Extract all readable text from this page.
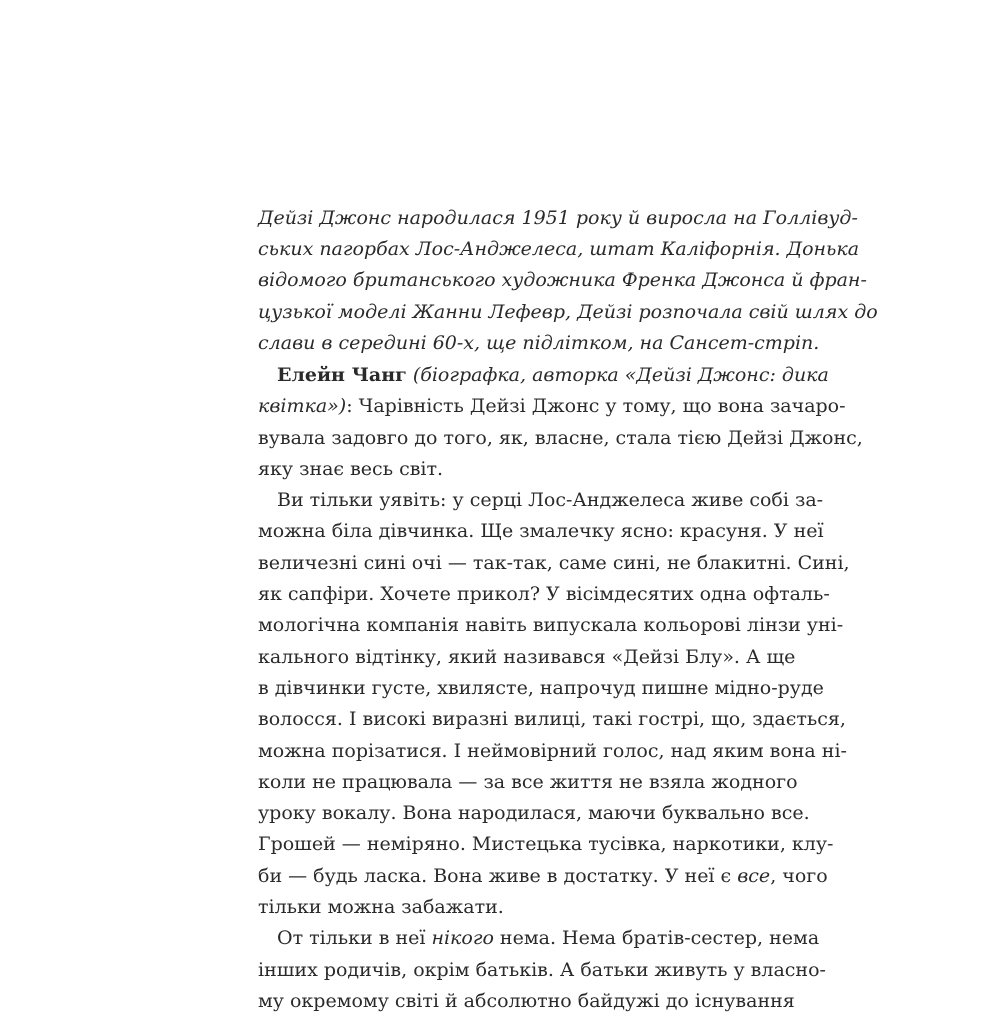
Дейзі Джонс народилася 1951 року й виросла на Голлівуд-
ських пагорбах Лос-Анджелеса, штат Каліфорнія. Донька
відомого британського художника Френка Джонса й фран-
цузької моделі Жанни Лефевр, Дейзі розпочала свій шлях до
слави в середині 60-х, ще підлітком, на Сансет-стріп.
 Елейн Чанг (біографка, авторка «Дейзі Джонс: дика
квітка»): Чарівність Дейзі Джонс у тому, що вона зачаро-
вувала задовго до того, як, власне, стала тією Дейзі Джонс,
яку знає весь світ.
 Ви тільки уявіть: у серці Лос-Анджелеса живе собі за-
можна біла дівчинка. Ще змалечку ясно: красуня. У неї
величезні сині очі — так-так, саме сині, не блакитні. Сині,
як сапфіри. Хочете прикол? У вісімдесятих одна офталь-
мологічна компанія навіть випускала кольорові лінзи уні-
кального відтінку, який називався «Дейзі Блу». А ще
в дівчинки густе, хвилясте, напрочуд пишне мідно-руде
волосся. І високі виразні вилиці, такі гострі, що, здається,
можна порізатися. І неймовірний голос, над яким вона ні-
коли не працювала — за все життя не взяла жодного
уроку вокалу. Вона народилася, маючи буквально все.
Грошей — неміряно. Мистецька тусівка, наркотики, клу-
би — будь ласка. Вона живе в достатку. У неї є все, чого
тільки можна забажати.
 От тільки в неї нікого нема. Нема братів-сестер, нема
інших родичів, окрім батьків. А батьки живуть у власно-
му окремому світі й абсолютно байдужі до існування
